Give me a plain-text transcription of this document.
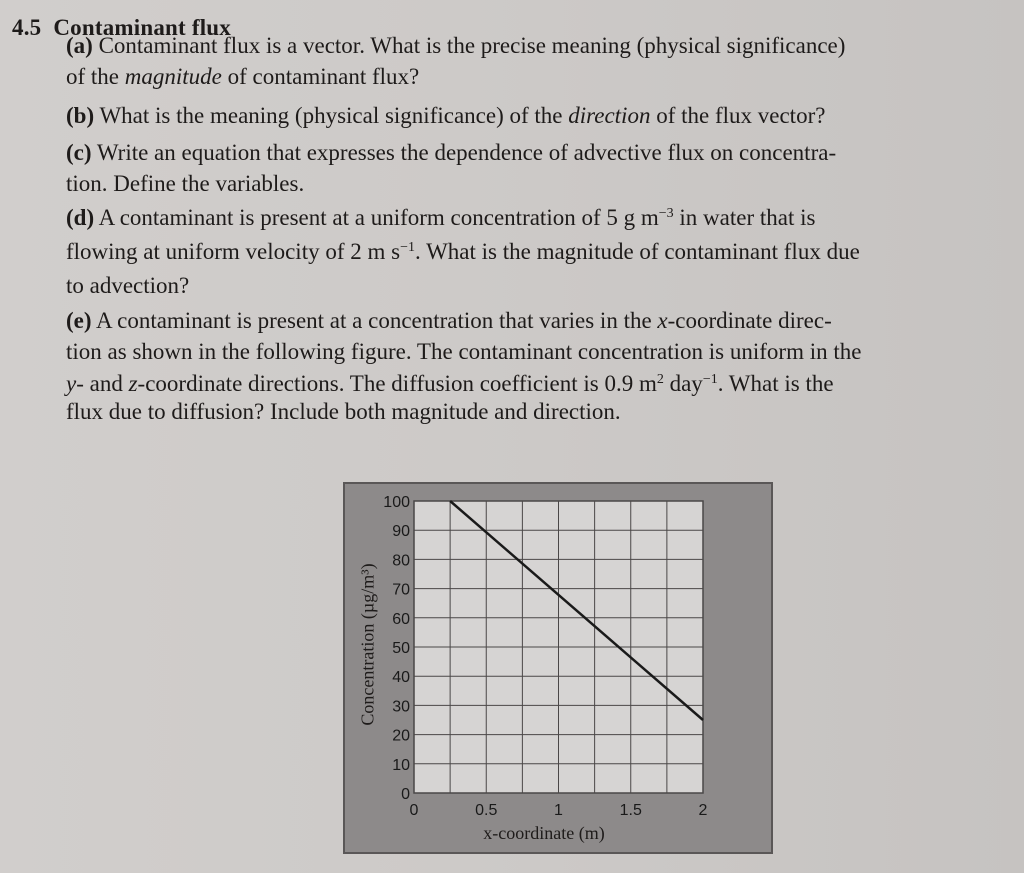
4.5 Contaminant flux
(a) Contaminant flux is a vector. What is the precise meaning (physical significance)
of the magnitude of contaminant flux?
(b) What is the meaning (physical significance) of the direction of the flux vector?
(c) Write an equation that expresses the dependence of advective flux on concentra-
tion. Define the variables.
(d) A contaminant is present at a uniform concentration of 5 g $m^{-3}$ in water that is
flowing at uniform velocity of 2 m $s^{-1}$. What is the magnitude of contaminant flux due
to advection?
(e) A contaminant is present at a concentration that varies in the x-coordinate direc-
tion as shown in the following figure. The contaminant concentration is uniform in the
y- and z-coordinate directions. The diffusion coefficient is 0.9 $m^2$ day$^{-1}$. What is the
flux due to diffusion? Include both magnitude and direction.
0
10
20
30
40
50
60
70
80
90
100
0	0.5	1	1.5	2
Concentration (µg/m³)
x-coordinate (m)
